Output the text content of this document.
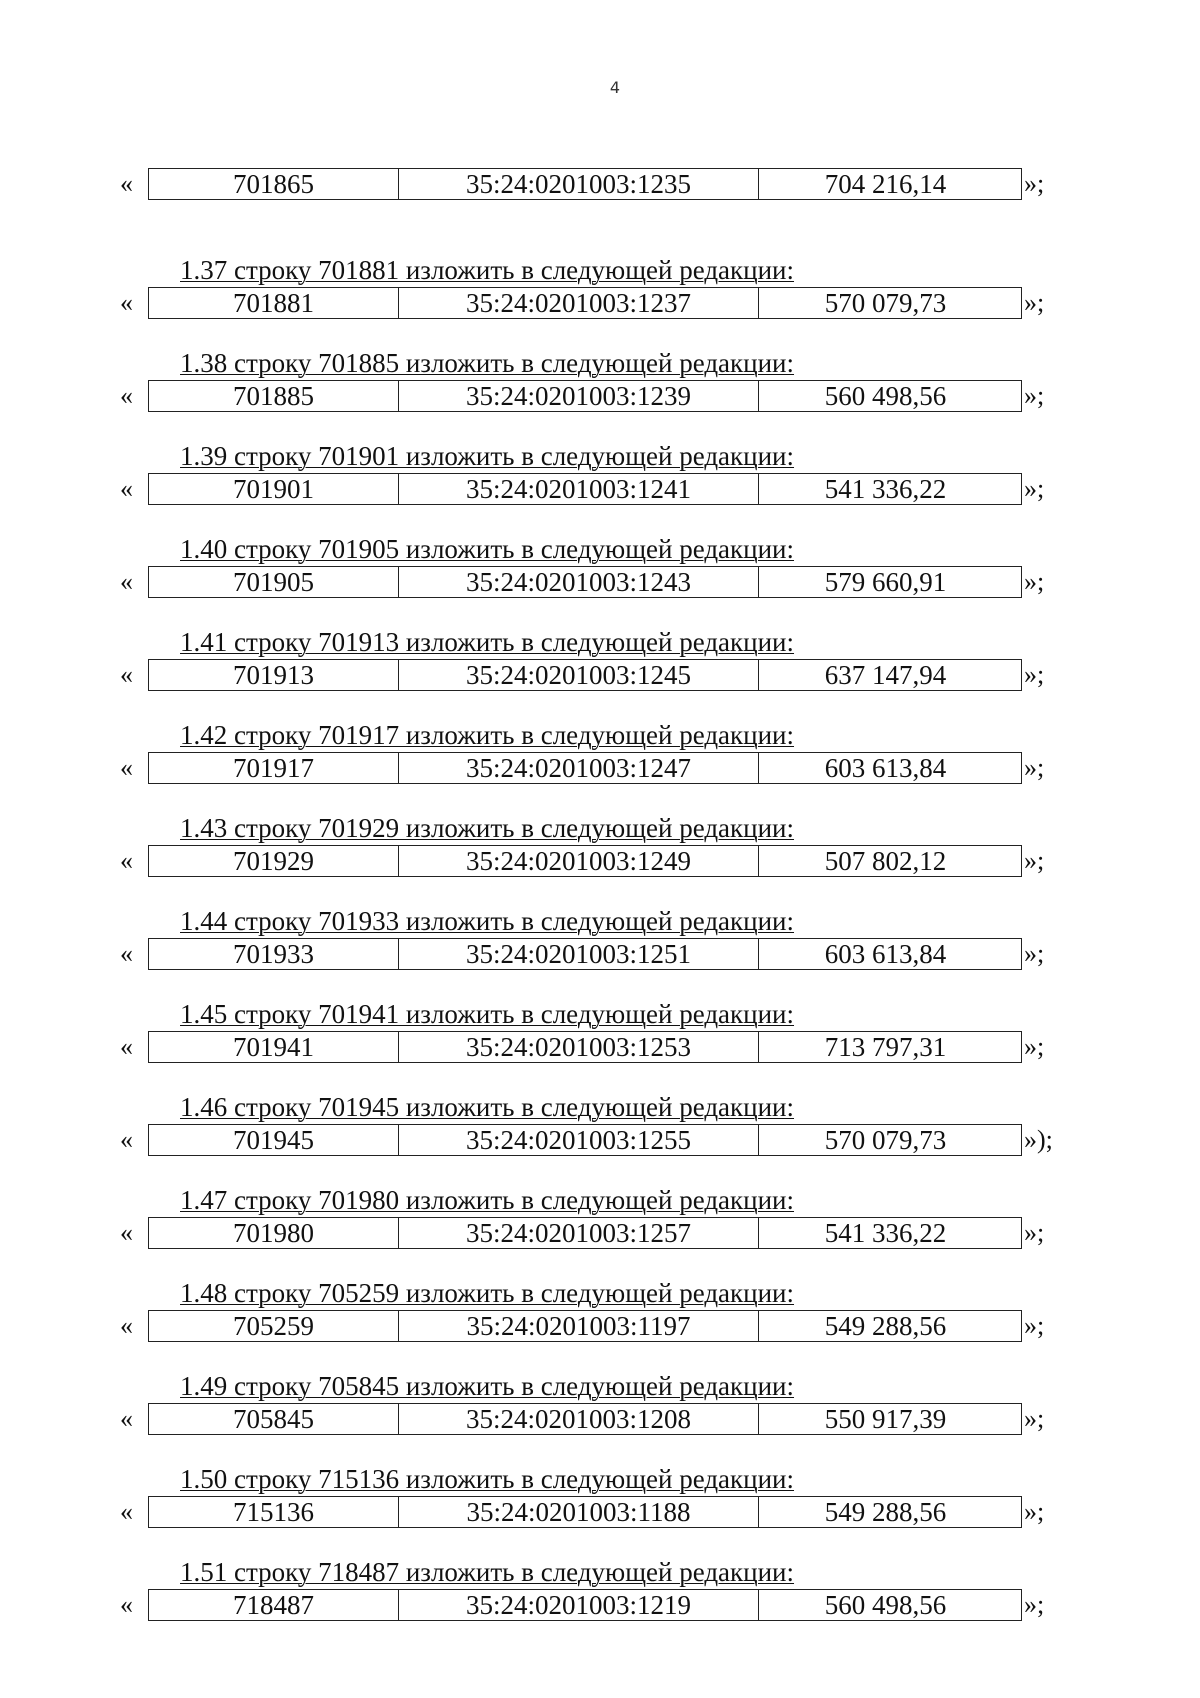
4
«	701865	35:24:0201003:1235	704 216,14	»;
1.37 строку 701881 изложить в следующей редакции:
«	701881	35:24:0201003:1237	570 079,73	»;
1.38 строку 701885 изложить в следующей редакции:
«	701885	35:24:0201003:1239	560 498,56	»;
1.39 строку 701901 изложить в следующей редакции:
«	701901	35:24:0201003:1241	541 336,22	»;
1.40 строку 701905 изложить в следующей редакции:
«	701905	35:24:0201003:1243	579 660,91	»;
1.41 строку 701913 изложить в следующей редакции:
«	701913	35:24:0201003:1245	637 147,94	»;
1.42 строку 701917 изложить в следующей редакции:
«	701917	35:24:0201003:1247	603 613,84	»;
1.43 строку 701929 изложить в следующей редакции:
«	701929	35:24:0201003:1249	507 802,12	»;
1.44 строку 701933 изложить в следующей редакции:
«	701933	35:24:0201003:1251	603 613,84	»;
1.45 строку 701941 изложить в следующей редакции:
«	701941	35:24:0201003:1253	713 797,31	»;
1.46 строку 701945 изложить в следующей редакции:
«	701945	35:24:0201003:1255	570 079,73	»);
1.47 строку 701980 изложить в следующей редакции:
«	701980	35:24:0201003:1257	541 336,22	»;
1.48 строку 705259 изложить в следующей редакции:
«	705259	35:24:0201003:1197	549 288,56	»;
1.49 строку 705845 изложить в следующей редакции:
«	705845	35:24:0201003:1208	550 917,39	»;
1.50 строку 715136 изложить в следующей редакции:
«	715136	35:24:0201003:1188	549 288,56	»;
1.51 строку 718487 изложить в следующей редакции:
«	718487	35:24:0201003:1219	560 498,56	»;
